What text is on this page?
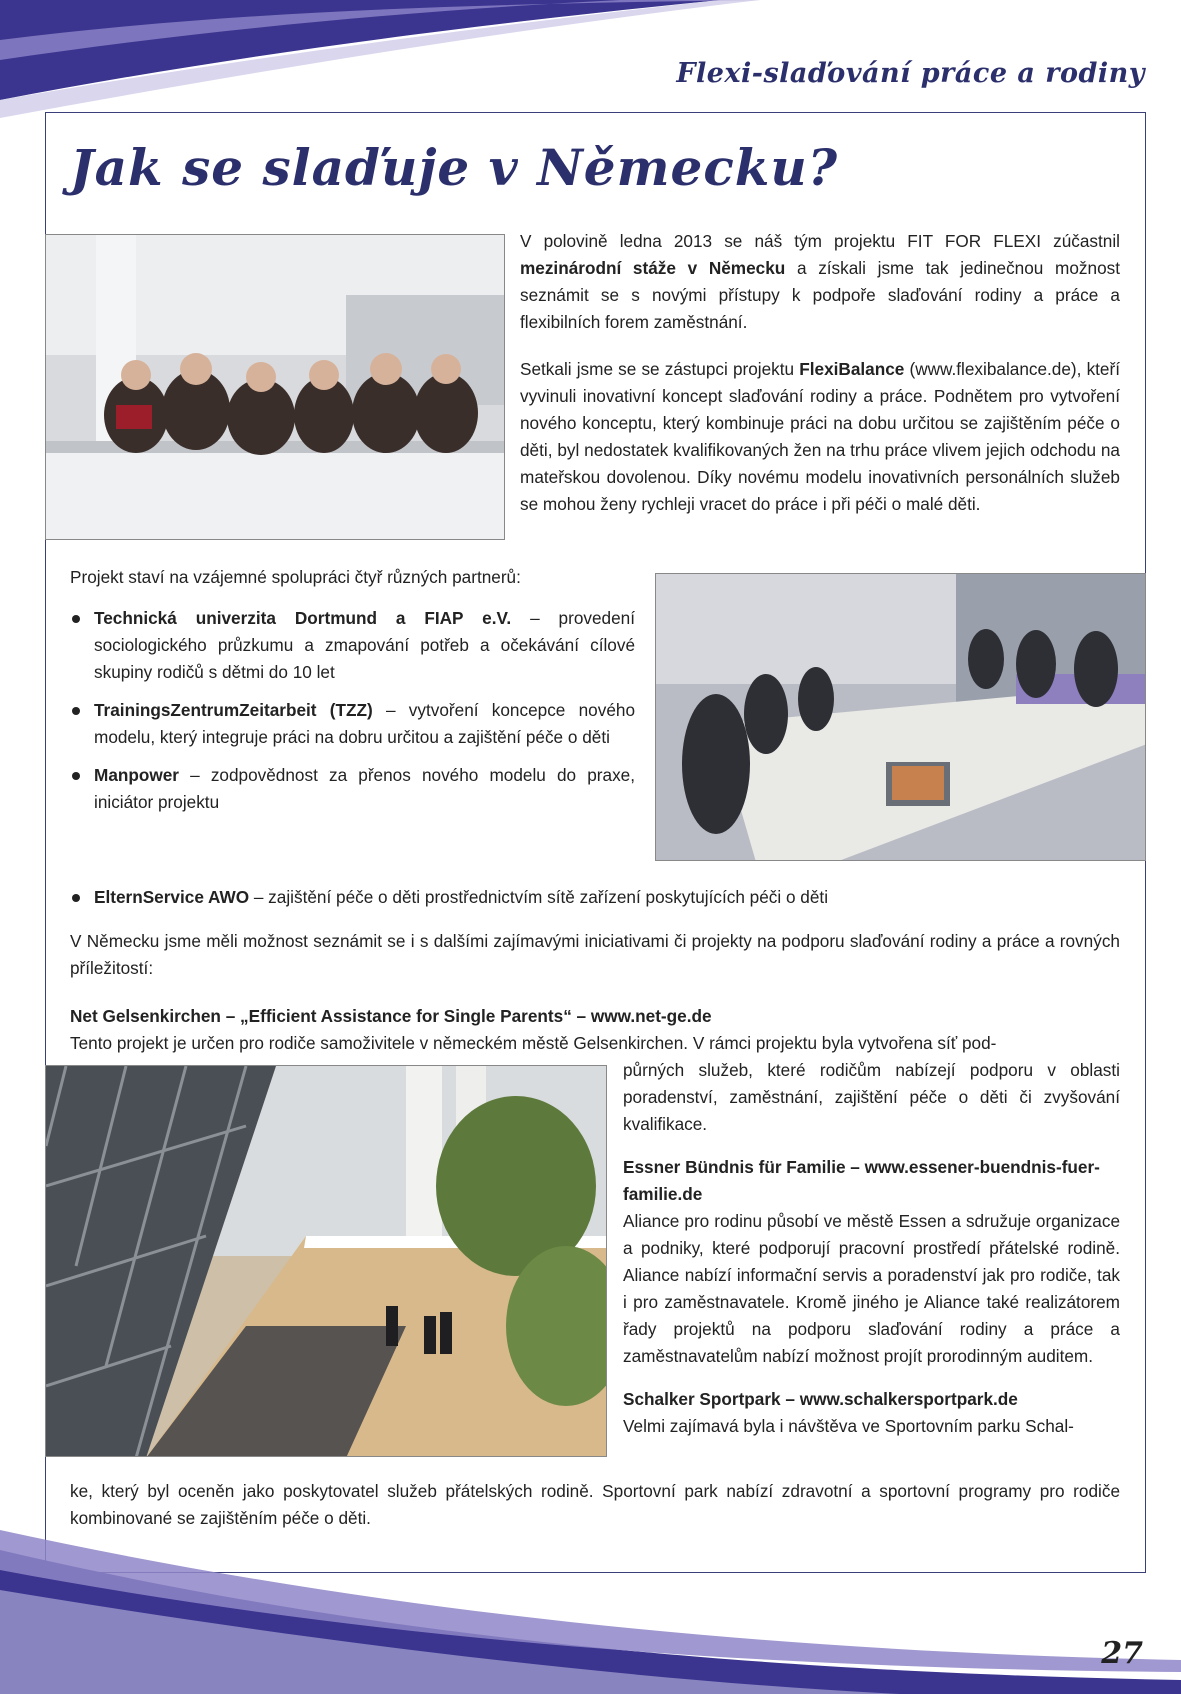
Flexi-slaďování práce a rodiny
Jak se slaďuje v Německu?

V polovině ledna 2013 se náš tým projektu FIT FOR FLEXI zúčastnil mezinárodní stáže v Německu a získali jsme tak jedinečnou možnost seznámit se s novými přístupy k podpoře slaďování rodiny a práce a flexibilních forem zaměstnání.

Setkali jsme se se zástupci projektu FlexiBalance (www.flexibalance.de), kteří vyvinuli inovativní koncept slaďování rodiny a práce. Podnětem pro vytvoření nového konceptu, který kombinuje práci na dobu určitou se zajištěním péče o děti, byl nedostatek kvalifikovaných žen na trhu práce vlivem jejich odchodu na mateřskou dovolenou. Díky novému modelu inovativních personálních služeb se mohou ženy rychleji vracet do práce i při péči o malé děti.

Projekt staví na vzájemné spolupráci čtyř různých partnerů:

Technická univerzita Dortmund a FIAP e.V. – provedení sociologického průzkumu a zmapování potřeb a očekávání cílové skupiny rodičů s dětmi do 10 let
TrainingsZentrumZeitarbeit (TZZ) – vytvoření koncepce nového modelu, který integruje práci na dobru určitou a zajištění péče o děti
Manpower – zodpovědnost za přenos nového modelu do praxe, iniciátor projektu
ElternService AWO – zajištění péče o děti prostřednictvím sítě zařízení poskytujících péči o děti
V Německu jsme měli možnost seznámit se i s dalšími zajímavými iniciativami či projekty na podporu slaďování rodiny a práce a rovných příležitostí:
Net Gelsenkirchen – „Efficient Assistance for Single Parents“ – www.net-ge.de
Tento projekt je určen pro rodiče samoživitele v německém městě Gelsenkirchen. V rámci projektu byla vytvořena síť pod-

půrných služeb, které rodičům nabízejí podporu v oblasti poradenství, zaměstnání, zajištění péče o děti či zvyšování kvalifikace.

Essner Bündnis für Familie – www.essener-buendnis-fuer-familie.de

Aliance pro rodinu působí ve městě Essen a sdružuje organizace a podniky, které podporují pracovní prostředí přátelské rodině. Aliance nabízí informační servis a poradenství jak pro rodiče, tak i pro zaměstnavatele. Kromě jiného je Aliance také realizátorem řady projektů na podporu slaďování rodiny a práce a zaměstnavatelům nabízí možnost projít prorodinným auditem.

Schalker Sportpark – www.schalkersportpark.de

Velmi zajímavá byla i návštěva ve Sportovním parku Schal-

ke, který byl oceněn jako poskytovatel služeb přátelských rodině. Sportovní park nabízí zdravotní a sportovní programy pro rodiče kombinované se zajištěním péče o děti.
27
